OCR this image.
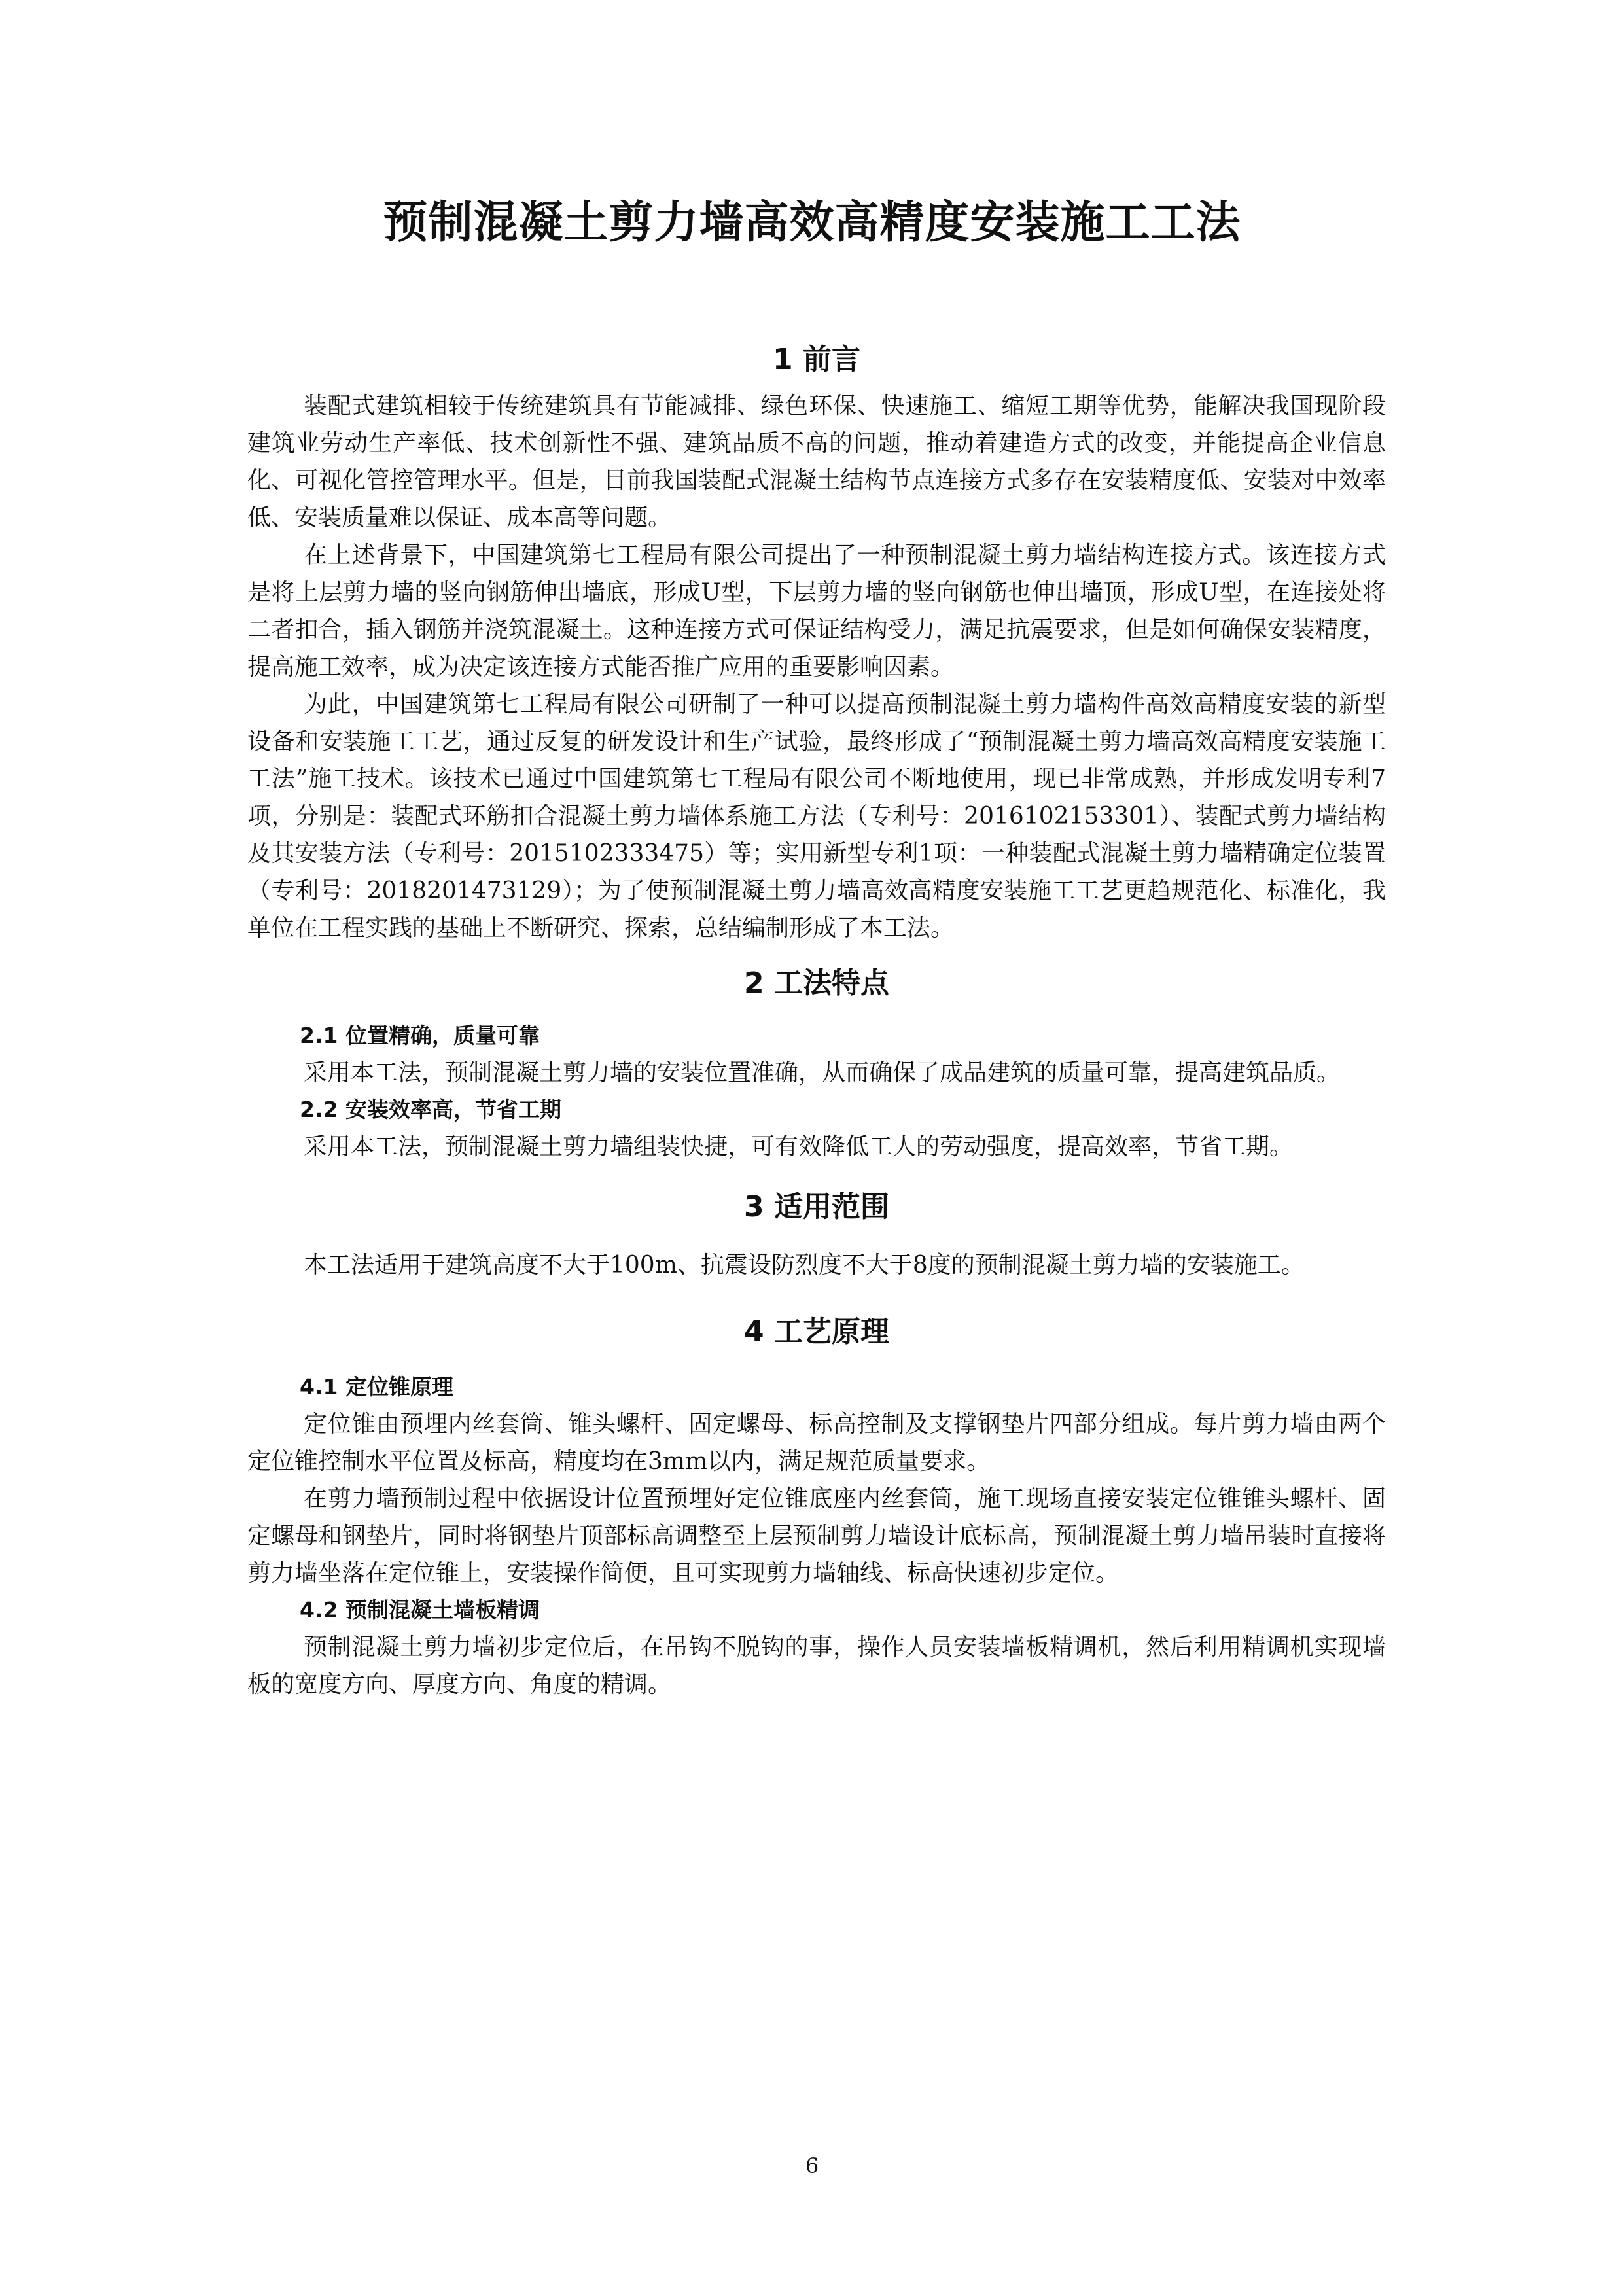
预制混凝土剪力墙高效高精度安装施工工法
1 前言

装配式建筑相较于传统建筑具有节能减排、绿色环保、快速施工、缩短工期等优势，能解决我国现阶段建筑业劳动生产率低、技术创新性不强、建筑品质不高的问题，推动着建造方式的改变，并能提高企业信息化、可视化管控管理水平。但是，目前我国装配式混凝土结构节点连接方式多存在安装精度低、安装对中效率低、安装质量难以保证、成本高等问题。

在上述背景下，中国建筑第七工程局有限公司提出了一种预制混凝土剪力墙结构连接方式。该连接方式是将上层剪力墙的竖向钢筋伸出墙底，形成U型，下层剪力墙的竖向钢筋也伸出墙顶，形成U型，在连接处将二者扣合，插入钢筋并浇筑混凝土。这种连接方式可保证结构受力，满足抗震要求，但是如何确保安装精度，提高施工效率，成为决定该连接方式能否推广应用的重要影响因素。

为此，中国建筑第七工程局有限公司研制了一种可以提高预制混凝土剪力墙构件高效高精度安装的新型设备和安装施工工艺，通过反复的研发设计和生产试验，最终形成了“预制混凝土剪力墙高效高精度安装施工工法”施工技术。该技术已通过中国建筑第七工程局有限公司不断地使用，现已非常成熟，并形成发明专利7项，分别是：装配式环筋扣合混凝土剪力墙体系施工方法（专利号：2016102153301）、装配式剪力墙结构及其安装方法（专利号：2015102333475）等；实用新型专利1项：一种装配式混凝土剪力墙精确定位装置（专利号：2018201473129）；为了使预制混凝土剪力墙高效高精度安装施工工艺更趋规范化、标准化，我单位在工程实践的基础上不断研究、探索，总结编制形成了本工法。

2 工法特点
2.1 位置精确，质量可靠

采用本工法，预制混凝土剪力墙的安装位置准确，从而确保了成品建筑的质量可靠，提高建筑品质。

2.2 安装效率高，节省工期

采用本工法，预制混凝土剪力墙组装快捷，可有效降低工人的劳动强度，提高效率，节省工期。

3 适用范围

本工法适用于建筑高度不大于100m、抗震设防烈度不大于8度的预制混凝土剪力墙的安装施工。

4 工艺原理
4.1 定位锥原理

定位锥由预埋内丝套筒、锥头螺杆、固定螺母、标高控制及支撑钢垫片四部分组成。每片剪力墙由两个定位锥控制水平位置及标高，精度均在3mm以内，满足规范质量要求。

在剪力墙预制过程中依据设计位置预埋好定位锥底座内丝套筒，施工现场直接安装定位锥锥头螺杆、固定螺母和钢垫片，同时将钢垫片顶部标高调整至上层预制剪力墙设计底标高，预制混凝土剪力墙吊装时直接将剪力墙坐落在定位锥上，安装操作简便，且可实现剪力墙轴线、标高快速初步定位。

4.2 预制混凝土墙板精调

预制混凝土剪力墙初步定位后，在吊钩不脱钩的事，操作人员安装墙板精调机，然后利用精调机实现墙板的宽度方向、厚度方向、角度的精调。

6
